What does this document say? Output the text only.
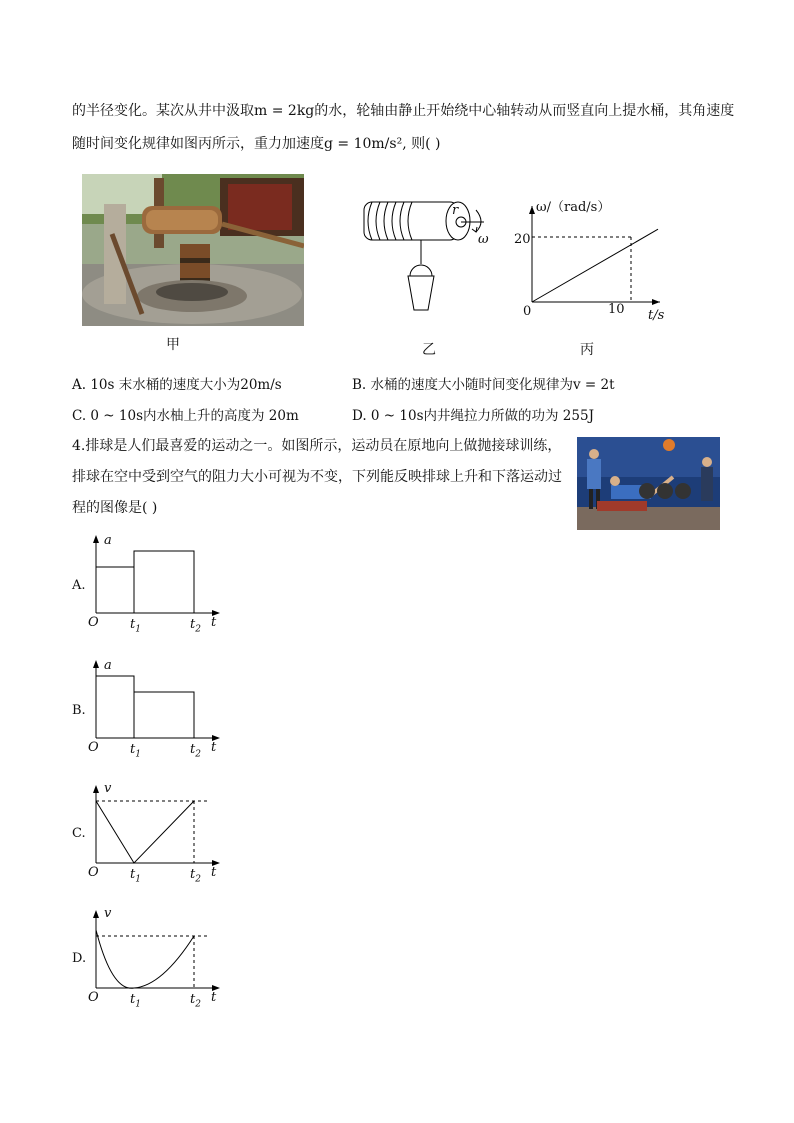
的半径变化。某次从井中汲取m = 2kg的水，轮轴由静止开始绕中心轴转动从而竖直向上提水桶，其角速度
随时间变化规律如图丙所示，重力加速度g = 10m/s², 则( )
r
ω
ω/（rad/s）
t/s
0
20
10
甲	乙	丙
A. 10s 末水桶的速度大小为20m/s	B. 水桶的速度大小随时间变化规律为v = 2t
C. 0 ~ 10s内水柚上升的高度为 20m	D. 0 ~ 10s内井绳拉力所做的功为 255J
4.排球是人们最喜爱的运动之一。如图所示，运动员在原地向上做抛接球训练，
排球在空中受到空气的阻力大小可视为不变，下列能反映排球上升和下落运动过
程的图像是( )
A.
a
O $t_1$	$t_2$ t
B.
a
O $t_1$	$t_2$ t
C.
v
O $t_1$	$t_2$ t
D.
v
O $t_1$	$t_2$ t
